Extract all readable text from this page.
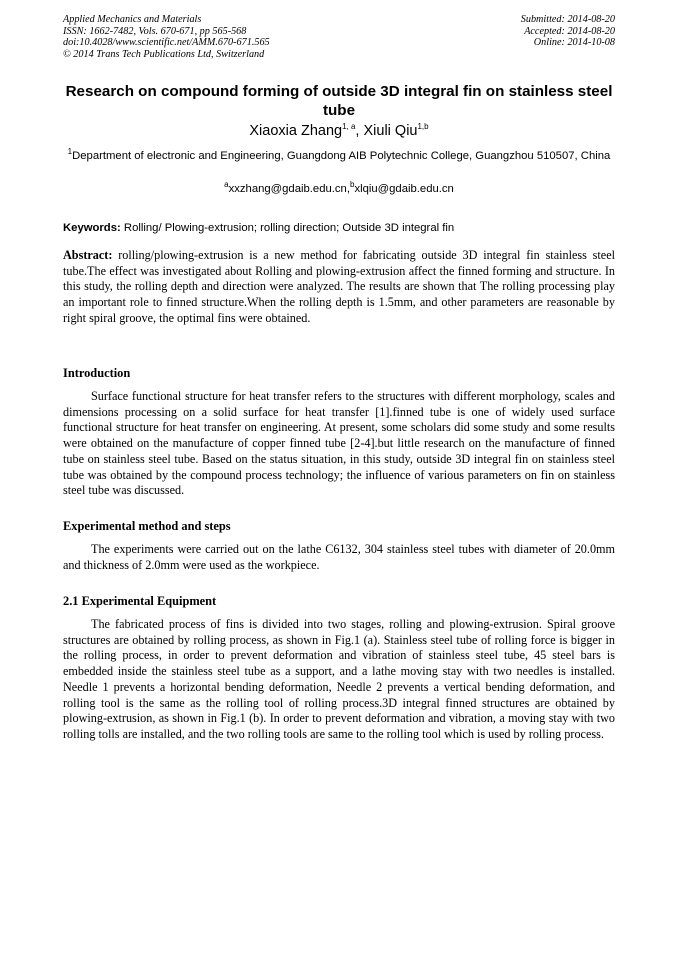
Applied Mechanics and Materials
ISSN: 1662-7482, Vols. 670-671, pp 565-568
doi:10.4028/www.scientific.net/AMM.670-671.565
© 2014 Trans Tech Publications Ltd, Switzerland
Submitted: 2014-08-20
Accepted: 2014-08-20
Online: 2014-10-08
Research on compound forming of outside 3D integral fin on stainless steel tube
Xiaoxia Zhang$^{1, a}$, Xiuli Qiu$^{1,b}$
$^1$Department of electronic and Engineering, Guangdong AIB Polytechnic College, Guangzhou 510507, China
$^a$xxzhang@gdaib.edu.cn,$^b$xlqiu@gdaib.edu.cn
Keywords: Rolling/ Plowing-extrusion; rolling direction; Outside 3D integral fin

Abstract: rolling/plowing-extrusion is a new method for fabricating outside 3D integral fin stainless steel tube.The effect was investigated about Rolling and plowing-extrusion affect the finned forming and structure. In this study, the rolling depth and direction were analyzed. The results are shown that The rolling processing play an important role to finned structure.When the rolling depth is 1.5mm, and other parameters are reasonable by right spiral groove, the optimal fins were obtained.

Introduction

Surface functional structure for heat transfer refers to the structures with different morphology, scales and dimensions processing on a solid surface for heat transfer [1].finned tube is one of widely used surface functional structure for heat transfer on engineering. At present, some scholars did some study and some results were obtained on the manufacture of copper finned tube [2-4].but little research on the manufacture of finned tube on stainless steel tube. Based on the status situation, in this study, outside 3D integral fin on stainless steel tube was obtained by the compound process technology; the influence of various parameters on fin on stainless steel tube was discussed.

Experimental method and steps

The experiments were carried out on the lathe C6132, 304 stainless steel tubes with diameter of 20.0mm and thickness of 2.0mm were used as the workpiece.

2.1 Experimental Equipment

The fabricated process of fins is divided into two stages, rolling and plowing-extrusion. Spiral groove structures are obtained by rolling process, as shown in Fig.1 (a). Stainless steel tube of rolling force is bigger in the rolling process, in order to prevent deformation and vibration of stainless steel tube, 45 steel bars is embedded inside the stainless steel tube as a support, and a lathe moving stay with two needles is installed. Needle 1 prevents a horizontal bending deformation, Needle 2 prevents a vertical bending deformation, and rolling tool is the same as the rolling tool of rolling process.3D integral finned structures are obtained by plowing-extrusion, as shown in Fig.1 (b). In order to prevent deformation and vibration, a moving stay with two rolling tolls are installed, and the two rolling tools are same to the rolling tool which is used by rolling process.
